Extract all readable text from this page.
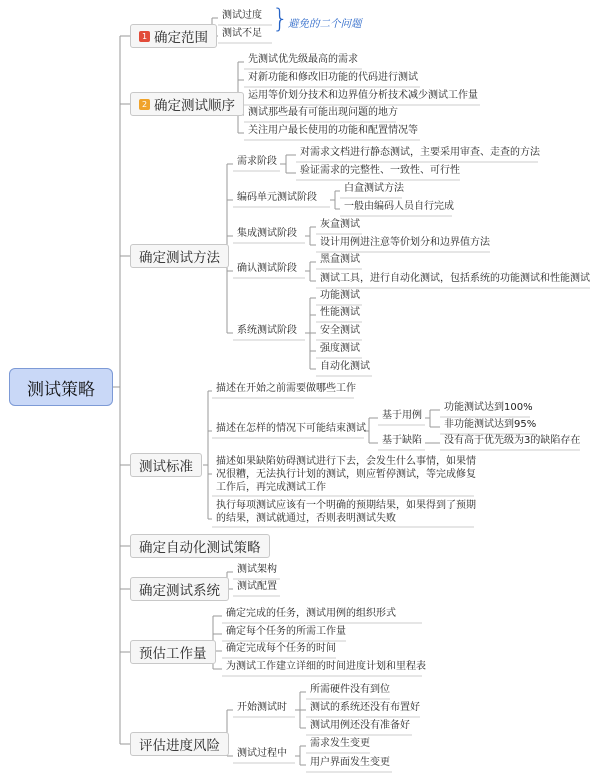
测试策略
1 确定范围
测试过度
测试不足 } 避免的二个问题
2 确定测试顺序
先测试优先级最高的需求
对新功能和修改旧功能的代码进行测试
运用等价划分技术和边界值分析技术减少测试工作量
测试那些最有可能出现问题的地方
关注用户最长使用的功能和配置情况等
确定测试方法
需求阶段
对需求文档进行静态测试，主要采用审查、走查的方法
验证需求的完整性、一致性、可行性
编码单元测试阶段
白盒测试方法
一般由编码人员自行完成
集成测试阶段
灰盒测试
设计用例进注意等价划分和边界值方法
确认测试阶段
黑盒测试
测试工具，进行自动化测试，包括系统的功能测试和性能测试
系统测试阶段
功能测试
性能测试
安全测试
强度测试
自动化测试
测试标准
描述在开始之前需要做哪些工作
描述在怎样的情况下可能结束测试
基于用例
功能测试达到100%
非功能测试达到95%
基于缺陷 没有高于优先级为3的缺陷存在
描述如果缺陷妨碍测试进行下去，会发生什么事情，如果情
况很糟，无法执行计划的测试，则应暂停测试，等完成修复
工作后，再完成测试工作
执行每项测试应该有一个明确的预期结果，如果得到了预期
的结果，测试就通过，否则表明测试失败
确定自动化测试策略
确定测试系统
测试架构
测试配置
预估工作量
确定完成的任务，测试用例的组织形式
确定每个任务的所需工作量
确定完成每个任务的时间
为测试工作建立详细的时间进度计划和里程表
评估进度风险
开始测试时
所需硬件没有到位
测试的系统还没有布置好
测试用例还没有准备好
测试过程中
需求发生变更
用户界面发生变更
